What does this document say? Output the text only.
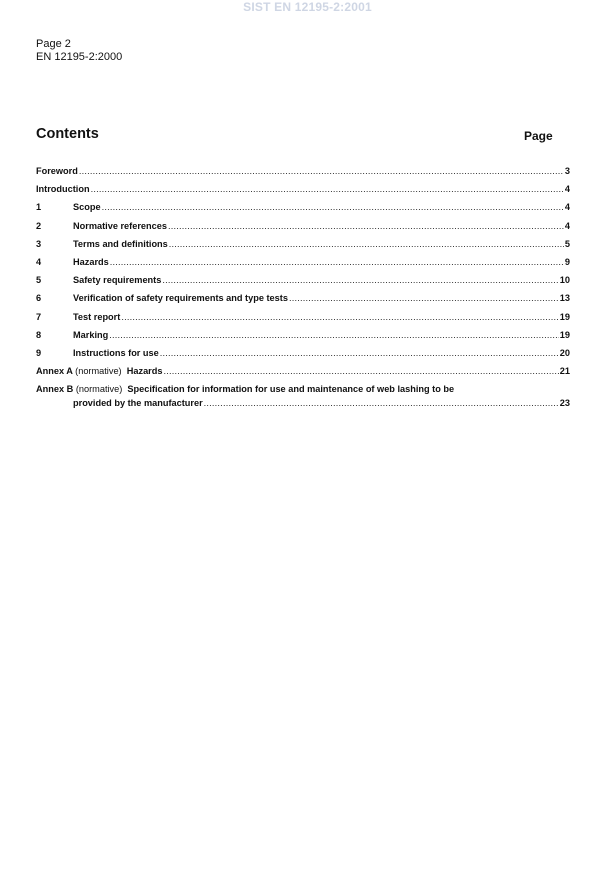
SIST EN 12195-2:2001
Page 2
EN 12195-2:2000
Contents	Page
Foreword .....	3
Introduction .....	4
1	Scope .....	4
2	Normative references .....	4
3	Terms and definitions .....	5
4	Hazards .....	9
5	Safety requirements .....	10
6	Verification of safety requirements and type tests .....	13
7	Test report .....	19
8	Marking .....	19
9	Instructions for use .....	20
Annex A (normative) Hazards .....	21
Annex B (normative) Specification for information for use and maintenance of web lashing to be
provided by the manufacturer .....	23
